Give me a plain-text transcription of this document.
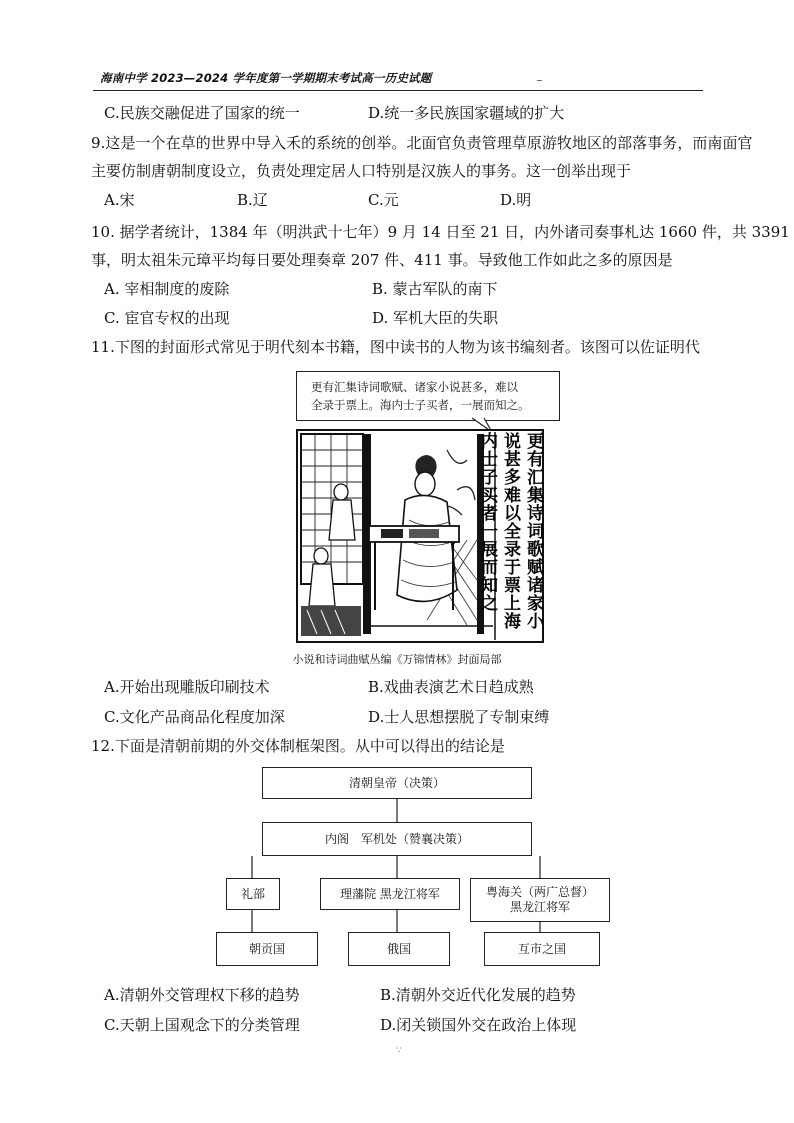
海南中学 2023—2024 学年度第一学期期末考试高一历史试题	~
C.民族交融促进了国家的统一	D.统一多民族国家疆域的扩大
9.这是一个在草的世界中导入禾的系统的创举。北面官负责管理草原游牧地区的部落事务，而南面官
主要仿制唐朝制度设立，负责处理定居人口特别是汉族人的事务。这一创举出现于
A.宋	B.辽	C.元	D.明
10. 据学者统计，1384 年（明洪武十七年）9 月 14 日至 21 日，内外诸司奏事札达 1660 件，共 3391
事，明太祖朱元璋平均每日要处理奏章 207 件、411 事。导致他工作如此之多的原因是
A. 宰相制度的废除	B. 蒙古军队的南下
C. 宦官专权的出现	D. 军机大臣的失职
11.下图的封面形式常见于明代刻本书籍，图中读书的人物为该书编刻者。该图可以佐证明代
更有汇集诗词歌赋、诸家小说甚多，难以
全录于票上。海内士子买者，一展而知之。
更有汇集诗词歌赋诸家小说甚多难以全录于票上海内士子买者一展而知之
小说和诗词曲赋丛编《万锦情林》封面局部
A.开始出现雕版印刷技术	B.戏曲表演艺术日趋成熟
C.文化产品商品化程度加深	D.士人思想摆脱了专制束缚
12.下面是清朝前期的外交体制框架图。从中可以得出的结论是
清朝皇帝（决策）
内阁　军机处（赞襄决策）
礼部	理藩院 黑龙江将军	粤海关（两广总督）
黑龙江将军
朝贡国	俄国	互市之国
A.清朝外交管理权下移的趋势	B.清朝外交近代化发展的趋势
C.天朝上国观念下的分类管理	D.闭关锁国外交在政治上体现
∵
